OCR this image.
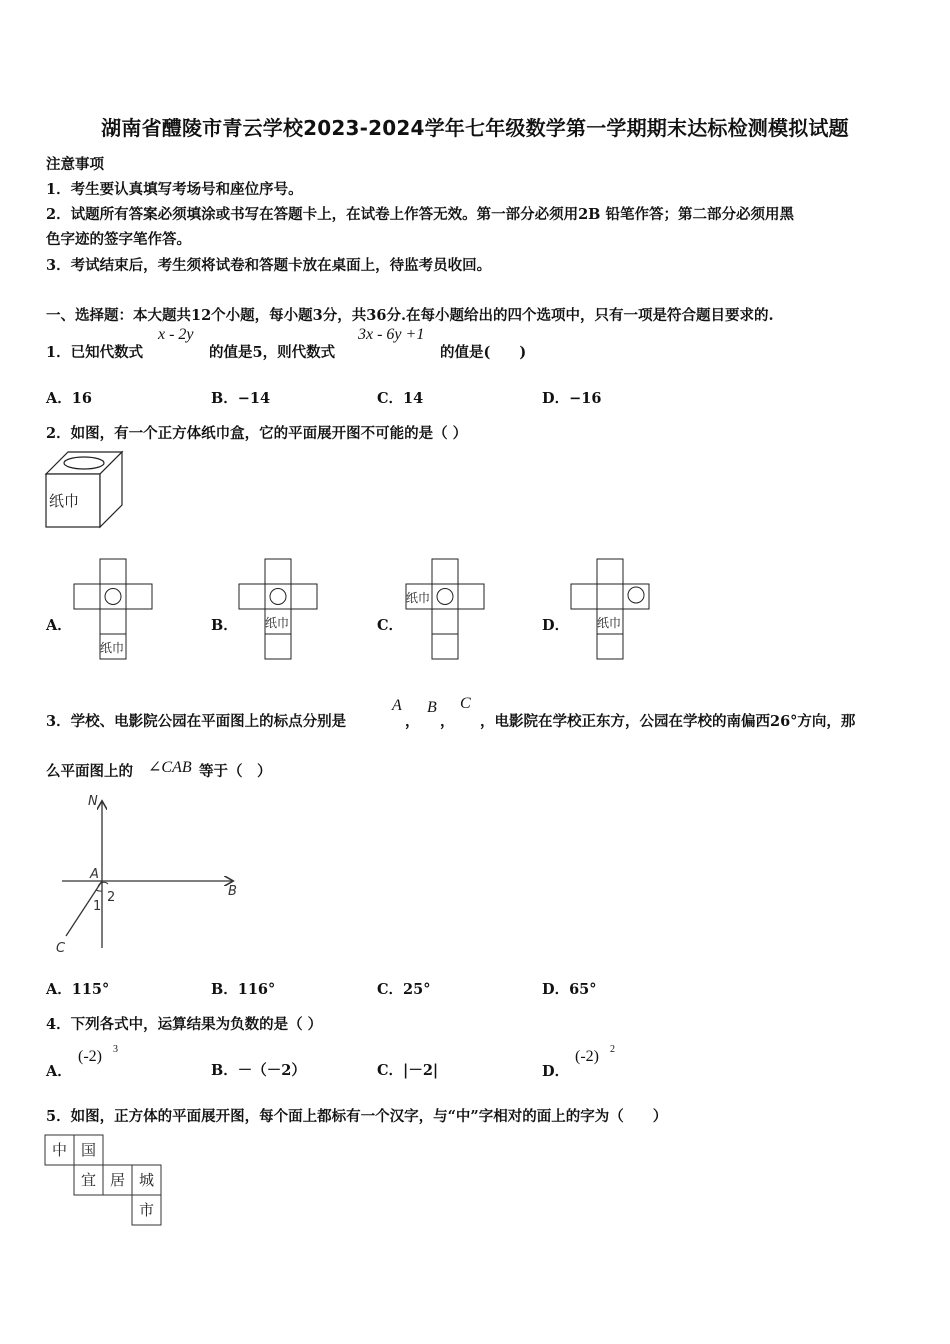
湖南省醴陵市青云学校2023-2024学年七年级数学第一学期期末达标检测模拟试题
注意事项
1．考生要认真填写考场号和座位序号。
2．试题所有答案必须填涂或书写在答题卡上，在试卷上作答无效。第一部分必须用2B 铅笔作答；第二部分必须用黑
色字迹的签字笔作答。
3．考试结束后，考生须将试卷和答题卡放在桌面上，待监考员收回。
一、选择题：本大题共12个小题，每小题3分，共36分.在每小题给出的四个选项中，只有一项是符合题目要求的.
1．已知代数式
x - 2y
的值是5，则代数式
3x - 6y +1
的值是(　　)
A．16	B．−14	C．14	D．−16
2．如图，有一个正方体纸巾盒，它的平面展开图不可能的是（ ）
纸巾
A．	B．	C．	D．
纸巾
纸巾
纸巾
纸巾
3．学校、电影院公园在平面图上的标点分别是
A
，
B
，
C
，电影院在学校正东方，公园在学校的南偏西26°方向，那
么平面图上的 ∠CAB 等于（　）
N
A
B
C
1
2
A．115°	B．116°	C．25°	D．65°
4．下列各式中，运算结果为负数的是（ ）
A．
(-2) 3
B．－（－2）	C．|－2|	D．
(-2) 2
5．如图，正方体的平面展开图，每个面上都标有一个汉字，与“中”字相对的面上的字为（　　）
中 国
宜 居 城
市
